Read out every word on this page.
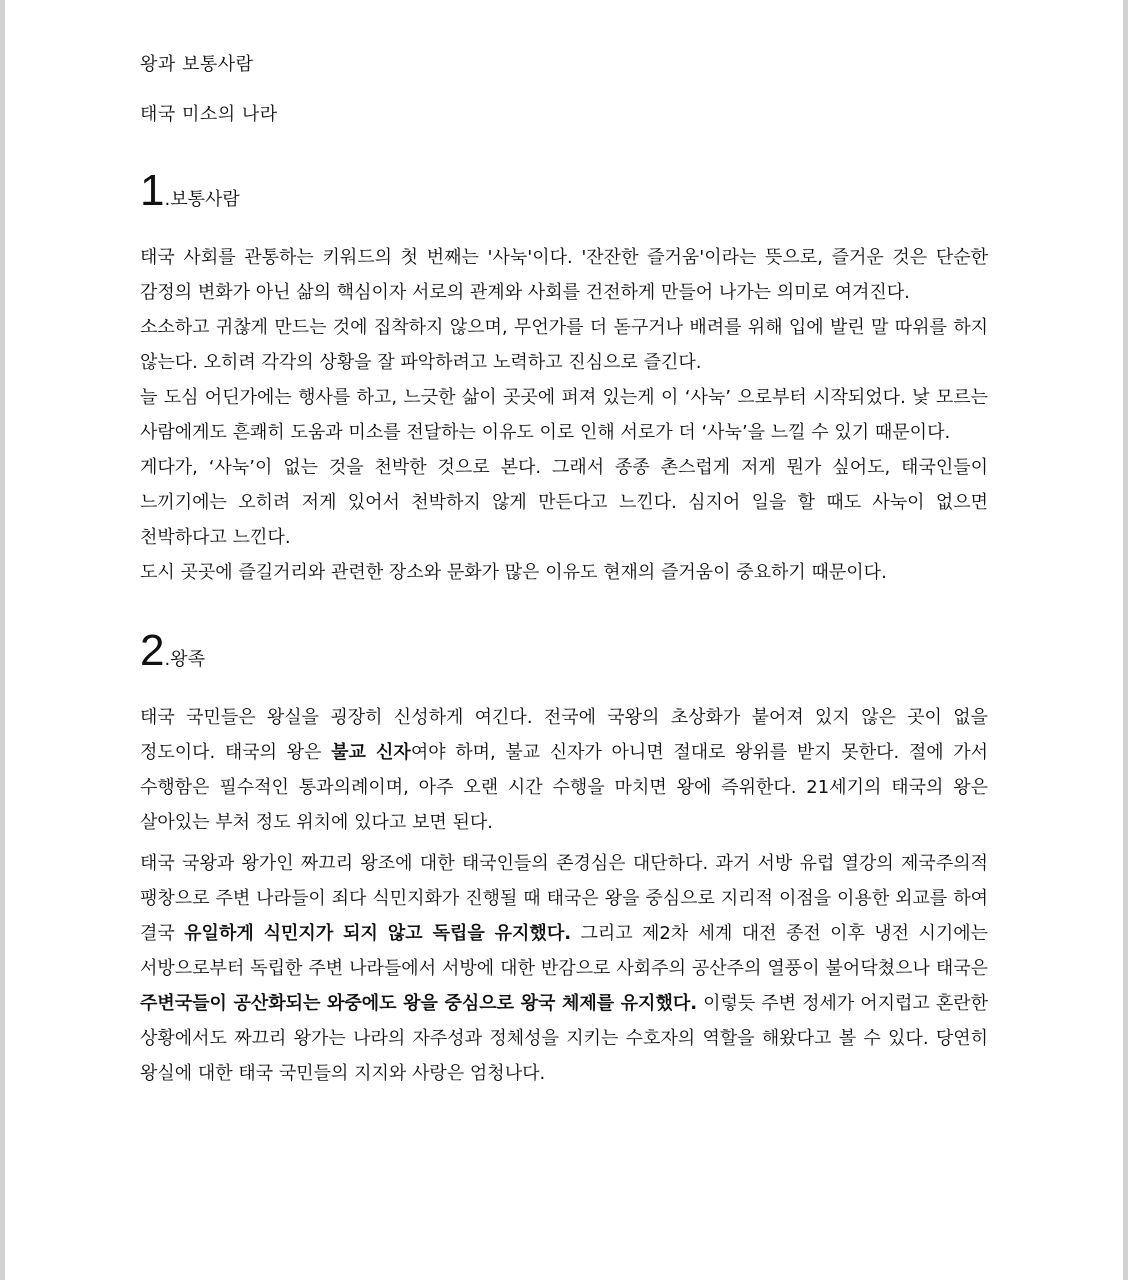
왕과 보통사람
태국 미소의 나라
1.보통사람

태국 사회를 관통하는 키워드의 첫 번째는 '사눅'이다. '잔잔한 즐거움'이라는 뜻으로, 즐거운 것은 단순한 감정의 변화가 아닌 삶의 핵심이자 서로의 관계와 사회를 건전하게 만들어 나가는 의미로 여겨진다.

소소하고 귀찮게 만드는 것에 집착하지 않으며, 무언가를 더 돋구거나 배려를 위해 입에 발린 말 따위를 하지 않는다. 오히려 각각의 상황을 잘 파악하려고 노력하고 진심으로 즐긴다.

늘 도심 어딘가에는 행사를 하고, 느긋한 삶이 곳곳에 퍼져 있는게 이 ‘사눅’ 으로부터 시작되었다. 낯 모르는 사람에게도 흔쾌히 도움과 미소를 전달하는 이유도 이로 인해 서로가 더 ‘사눅’을 느낄 수 있기 때문이다.

게다가, ‘사눅’이 없는 것을 천박한 것으로 본다. 그래서 종종 촌스럽게 저게 뭔가 싶어도, 태국인들이 느끼기에는 오히려 저게 있어서 천박하지 않게 만든다고 느낀다. 심지어 일을 할 때도 사눅이 없으면 천박하다고 느낀다.

도시 곳곳에 즐길거리와 관련한 장소와 문화가 많은 이유도 현재의 즐거움이 중요하기 때문이다.

2.왕족

태국 국민들은 왕실을 굉장히 신성하게 여긴다. 전국에 국왕의 초상화가 붙어져 있지 않은 곳이 없을 정도이다. 태국의 왕은 불교 신자여야 하며, 불교 신자가 아니면 절대로 왕위를 받지 못한다. 절에 가서 수행함은 필수적인 통과의례이며, 아주 오랜 시간 수행을 마치면 왕에 즉위한다. 21세기의 태국의 왕은 살아있는 부처 정도 위치에 있다고 보면 된다.

태국 국왕과 왕가인 짜끄리 왕조에 대한 태국인들의 존경심은 대단하다. 과거 서방 유럽 열강의 제국주의적 팽창으로 주변 나라들이 죄다 식민지화가 진행될 때 태국은 왕을 중심으로 지리적 이점을 이용한 외교를 하여 결국 유일하게 식민지가 되지 않고 독립을 유지했다. 그리고 제2차 세계 대전 종전 이후 냉전 시기에는 서방으로부터 독립한 주변 나라들에서 서방에 대한 반감으로 사회주의 공산주의 열풍이 불어닥쳤으나 태국은 주변국들이 공산화되는 와중에도 왕을 중심으로 왕국 체제를 유지했다. 이렇듯 주변 정세가 어지럽고 혼란한 상황에서도 짜끄리 왕가는 나라의 자주성과 정체성을 지키는 수호자의 역할을 해왔다고 볼 수 있다. 당연히 왕실에 대한 태국 국민들의 지지와 사랑은 엄청나다.
